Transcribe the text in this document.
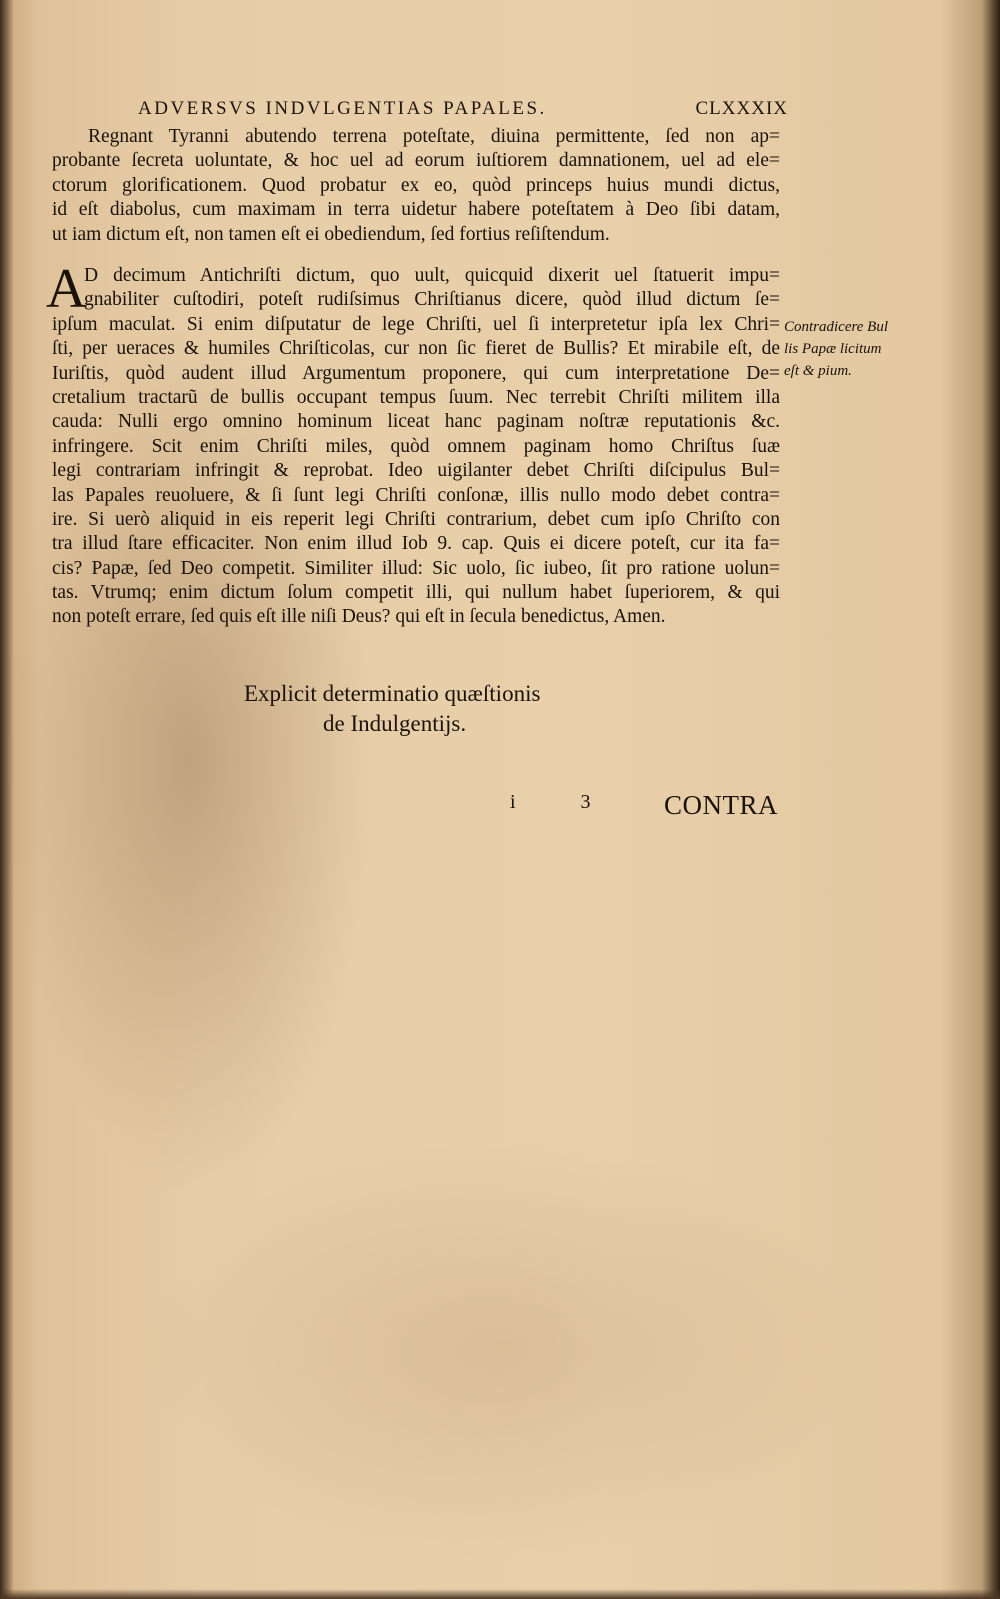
ADVERSVS INDVLGENTIAS PAPALES.	CLXXXIX
Regnant Tyranni abutendo terrena poteſtate, diuina permittente, ſed non ap=
probante ſecreta uoluntate, & hoc uel ad eorum iuſtiorem damnationem, uel ad ele=
ctorum glorificationem. Quod probatur ex eo, quòd princeps huius mundi dictus,
id eſt diabolus, cum maximam in terra uidetur habere poteſtatem à Deo ſibi datam,
ut iam dictum eſt, non tamen eſt ei obediendum, ſed fortius reſiſtendum.
A
D decimum Antichriſti dictum, quo uult, quicquid dixerit uel ſtatuerit impu=
gnabiliter cuſtodiri, poteſt rudiſsimus Chriſtianus dicere, quòd illud dictum ſe=
ipſum maculat. Si enim diſputatur de lege Chriſti, uel ſi interpretetur ipſa lex Chri=
ſti, per ueraces & humiles Chriſticolas, cur non ſic fieret de Bullis? Et mirabile eſt, de
Iuriſtis, quòd audent illud Argumentum proponere, qui cum interpretatione De=
cretalium tractarũ de bullis occupant tempus ſuum. Nec terrebit Chriſti militem illa
cauda: Nulli ergo omnino hominum liceat hanc paginam noſtræ reputationis &c.
infringere. Scit enim Chriſti miles, quòd omnem paginam homo Chriſtus ſuæ
legi contrariam infringit & reprobat. Ideo uigilanter debet Chriſti diſcipulus Bul=
las Papales reuoluere, & ſi ſunt legi Chriſti conſonæ, illis nullo modo debet contra=
ire. Si uerò aliquid in eis reperit legi Chriſti contrarium, debet cum ipſo Chriſto con
tra illud ſtare efficaciter. Non enim illud Iob 9. cap. Quis ei dicere poteſt, cur ita fa=
cis? Papæ, ſed Deo competit. Similiter illud: Sic uolo, ſic iubeo, ſit pro ratione uolun=
tas. Vtrumq; enim dictum ſolum competit illi, qui nullum habet ſuperiorem, & qui
non poteſt errare, ſed quis eſt ille niſi Deus? qui eſt in ſecula benedictus, Amen.
Contradicere Bul
lis Papæ licitum
eſt & pium.
Explicit determinatio quæſtionis
de Indulgentijs.
i 3 CONTRA
